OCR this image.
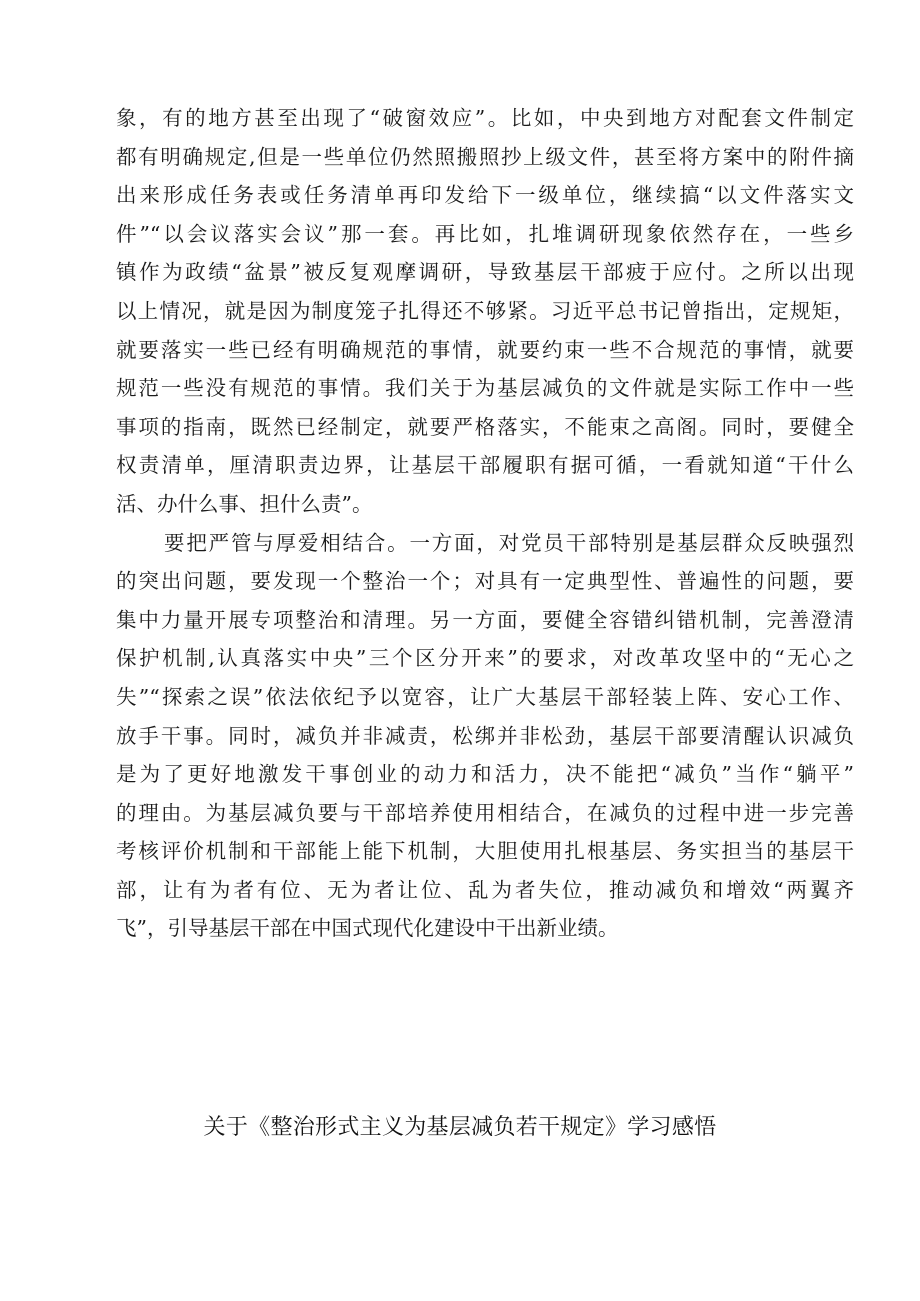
象，有的地方甚至出现了“破窗效应”。比如，中央到地方对配套文件制定
都有明确规定,但是一些单位仍然照搬照抄上级文件，甚至将方案中的附件摘
出来形成任务表或任务清单再印发给下一级单位，继续搞“以文件落实文
件”“以会议落实会议”那一套。再比如，扎堆调研现象依然存在，一些乡
镇作为政绩“盆景”被反复观摩调研，导致基层干部疲于应付。之所以出现
以上情况，就是因为制度笼子扎得还不够紧。习近平总书记曾指出，定规矩，
就要落实一些已经有明确规范的事情，就要约束一些不合规范的事情，就要
规范一些没有规范的事情。我们关于为基层减负的文件就是实际工作中一些
事项的指南，既然已经制定，就要严格落实，不能束之高阁。同时，要健全
权责清单，厘清职责边界，让基层干部履职有据可循，一看就知道“干什么
活、办什么事、担什么责”。
要把严管与厚爱相结合。一方面，对党员干部特别是基层群众反映强烈
的突出问题，要发现一个整治一个；对具有一定典型性、普遍性的问题，要
集中力量开展专项整治和清理。另一方面，要健全容错纠错机制，完善澄清
保护机制,认真落实中央”三个区分开来”的要求，对改革攻坚中的“无心之
失”“探索之误”依法依纪予以宽容，让广大基层干部轻装上阵、安心工作、
放手干事。同时，减负并非减责，松绑并非松劲，基层干部要清醒认识减负
是为了更好地激发干事创业的动力和活力，决不能把“减负”当作“躺平”
的理由。为基层减负要与干部培养使用相结合，在减负的过程中进一步完善
考核评价机制和干部能上能下机制，大胆使用扎根基层、务实担当的基层干
部，让有为者有位、无为者让位、乱为者失位，推动减负和增效“两翼齐
飞”，引导基层干部在中国式现代化建设中干出新业绩。
关于《整治形式主义为基层减负若干规定》学习感悟
